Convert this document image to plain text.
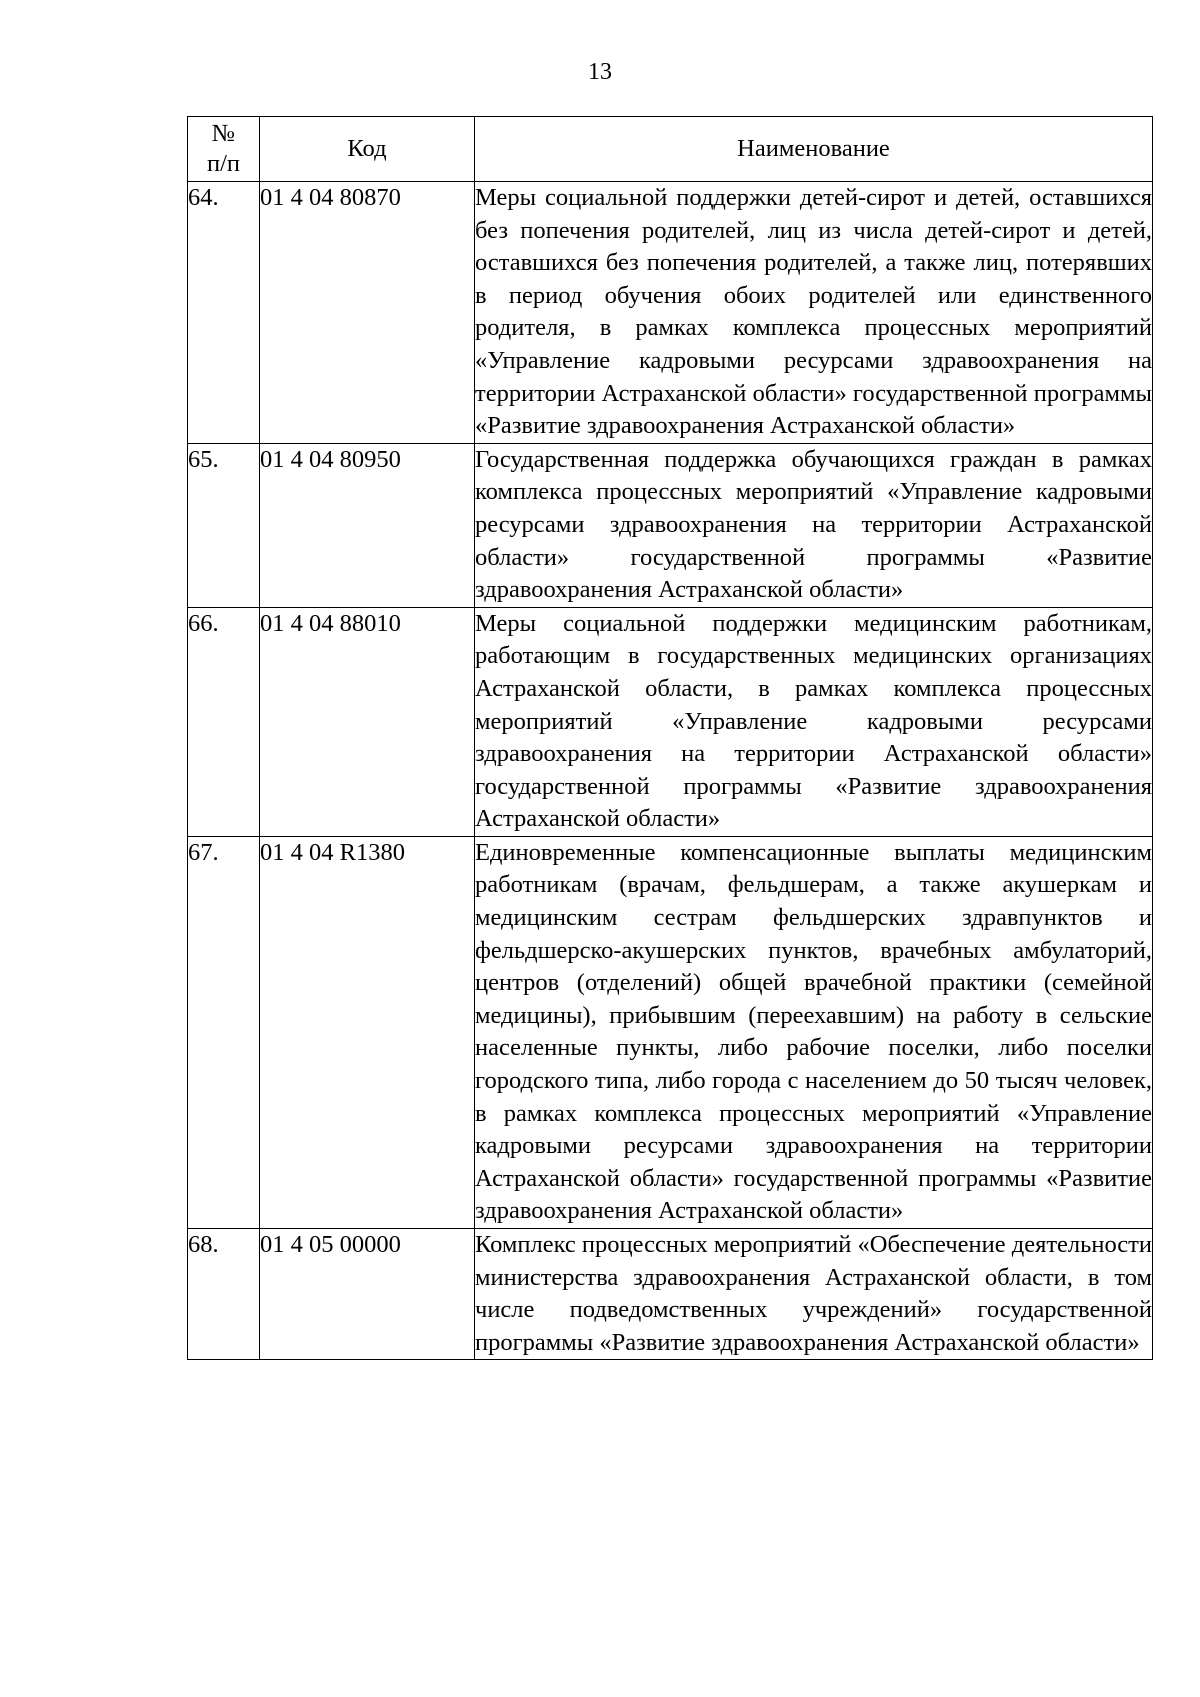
13
№
п/п	Код	Наименование
64.	01 4 04 80870	Меры социальной поддержки детей-сирот и детей, оставшихся без попечения родителей, лиц из числа детей-сирот и детей, оставшихся без попечения родителей, а также лиц, потерявших в период обучения обоих родителей или единственного родителя, в рамках комплекса процессных мероприятий «Управление кадровыми ресурсами здравоохранения на территории Астраханской области» государственной программы «Развитие здравоохранения Астраханской области»
65.	01 4 04 80950	Государственная поддержка обучающихся граждан в рамках комплекса процессных мероприятий «Управление кадровыми ресурсами здравоохранения на территории Астраханской области» государственной программы «Развитие здравоохранения Астраханской области»
66.	01 4 04 88010	Меры социальной поддержки медицинским работникам, работающим в государственных медицинских организациях Астраханской области, в рамках комплекса процессных мероприятий «Управление кадровыми ресурсами здравоохранения на территории Астраханской области» государственной программы «Развитие здравоохранения Астраханской области»
67.	01 4 04 R1380	Единовременные компенсационные выплаты медицинским работникам (врачам, фельдшерам, а также акушеркам и медицинским сестрам фельдшерских здравпунктов и фельдшерско-акушерских пунктов, врачебных амбулаторий, центров (отделений) общей врачебной практики (семейной медицины), прибывшим (переехавшим) на работу в сельские населенные пункты, либо рабочие поселки, либо поселки городского типа, либо города с населением до 50 тысяч человек, в рамках комплекса процессных мероприятий «Управление кадровыми ресурсами здравоохранения на территории Астраханской области» государственной программы «Развитие здравоохранения Астраханской области»
68.	01 4 05 00000	Комплекс процессных мероприятий «Обеспечение деятельности министерства здравоохранения Астраханской области, в том числе подведомственных учреждений» государственной программы «Развитие здравоохранения Астраханской области»
